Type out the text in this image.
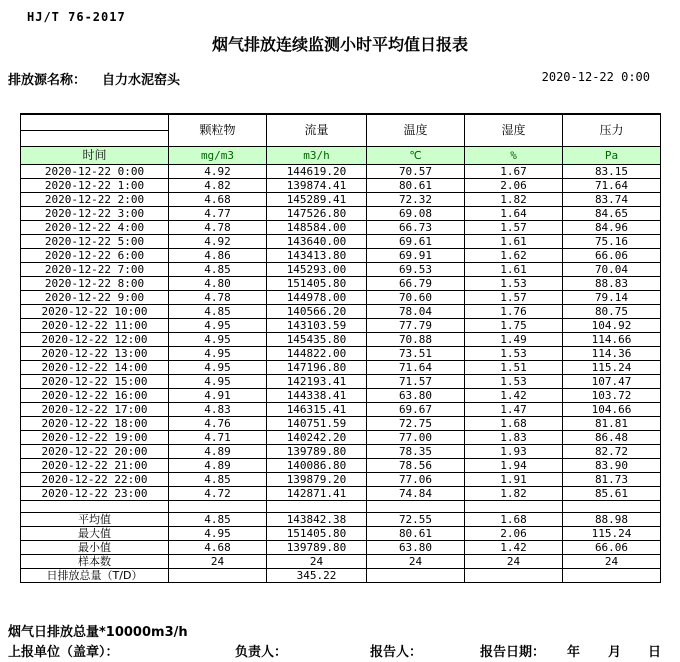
HJ/T 76-2017
烟气排放连续监测小时平均值日报表
排放源名称： 自力水泥窑头	2020-12-22 0:00
	颗粒物	流量	温度	湿度	压力

时间	mg/m3	m3/h	℃	%	Pa
2020-12-22 0:00	4.92	144619.20	70.57	1.67	83.15
2020-12-22 1:00	4.82	139874.41	80.61	2.06	71.64
2020-12-22 2:00	4.68	145289.41	72.32	1.82	83.74
2020-12-22 3:00	4.77	147526.80	69.08	1.64	84.65
2020-12-22 4:00	4.78	148584.00	66.73	1.57	84.96
2020-12-22 5:00	4.92	143640.00	69.61	1.61	75.16
2020-12-22 6:00	4.86	143413.80	69.91	1.62	66.06
2020-12-22 7:00	4.85	145293.00	69.53	1.61	70.04
2020-12-22 8:00	4.80	151405.80	66.79	1.53	88.83
2020-12-22 9:00	4.78	144978.00	70.60	1.57	79.14
2020-12-22 10:00	4.85	140566.20	78.04	1.76	80.75
2020-12-22 11:00	4.95	143103.59	77.79	1.75	104.92
2020-12-22 12:00	4.95	145435.80	70.88	1.49	114.66
2020-12-22 13:00	4.95	144822.00	73.51	1.53	114.36
2020-12-22 14:00	4.95	147196.80	71.64	1.51	115.24
2020-12-22 15:00	4.95	142193.41	71.57	1.53	107.47
2020-12-22 16:00	4.91	144338.41	63.80	1.42	103.72
2020-12-22 17:00	4.83	146315.41	69.67	1.47	104.66
2020-12-22 18:00	4.76	140751.59	72.75	1.68	81.81
2020-12-22 19:00	4.71	140242.20	77.00	1.83	86.48
2020-12-22 20:00	4.89	139789.80	78.35	1.93	82.72
2020-12-22 21:00	4.89	140086.80	78.56	1.94	83.90
2020-12-22 22:00	4.85	139879.20	77.06	1.91	81.73
2020-12-22 23:00	4.72	142871.41	74.84	1.82	85.61

平均值	4.85	143842.38	72.55	1.68	88.98
最大值	4.95	151405.80	80.61	2.06	115.24
最小值	4.68	139789.80	63.80	1.42	66.06
样本数	24	24	24	24	24
日排放总量（T/D）		345.22			
烟气日排放总量*10000m3/h
上报单位（盖章）：	负责人：	报告人：	报告日期： 年 月 日
